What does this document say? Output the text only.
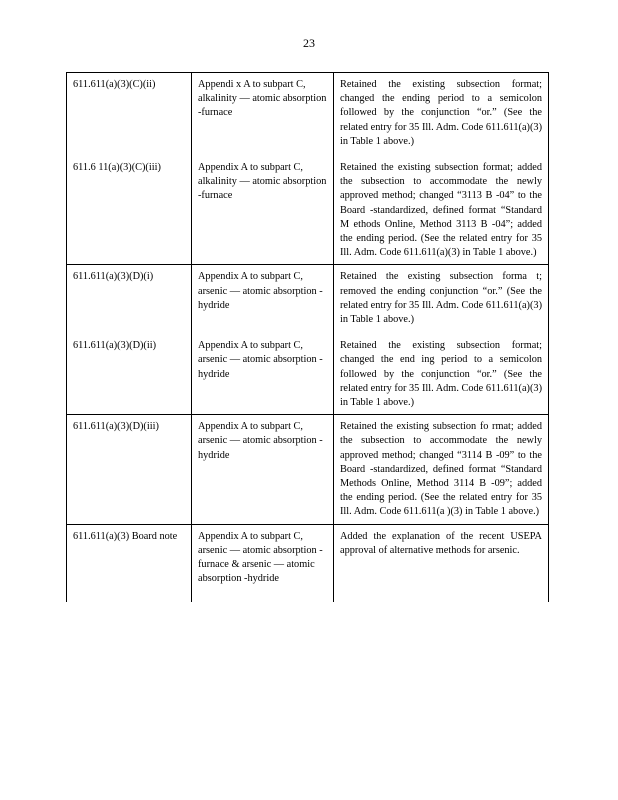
23
611.611(a)(3)(C)(ii)	Appendi x A to subpart C, alkalinity — atomic absorption -furnace	Retained the existing subsection format; changed the ending period to a semicolon followed by the conjunction “or.” (See the related entry for 35 Ill. Adm. Code 611.611(a)(3) in Table 1 above.)

611.6 11(a)(3)(C)(iii)	Appendix A to subpart C, alkalinity — atomic absorption -furnace	Retained the existing subsection format; added the subsection to accommodate the newly approved method; changed “3113 B -04” to the Board -standardized, defined format “Standard M ethods Online, Method 3113 B -04”; added the ending period. (See the related entry for 35 Ill. Adm. Code 611.611(a)(3) in Table 1 above.)

611.611(a)(3)(D)(i)	Appendix A to subpart C, arsenic — atomic absorption -hydride	Retained the existing subsection forma t; removed the ending conjunction “or.” (See the related entry for 35 Ill. Adm. Code 611.611(a)(3) in Table 1 above.)

611.611(a)(3)(D)(ii)	Appendix A to subpart C, arsenic — atomic absorption -hydride	Retained the existing subsection format; changed the end ing period to a semicolon followed by the conjunction “or.” (See the related entry for 35 Ill. Adm. Code 611.611(a)(3) in Table 1 above.)

611.611(a)(3)(D)(iii)	Appendix A to subpart C, arsenic — atomic absorption -hydride	Retained the existing subsection fo rmat; added the subsection to accommodate the newly approved method; changed “3114 B -09” to the Board -standardized, defined format “Standard Methods Online, Method 3114 B -09”; added the ending period. (See the related entry for 35 Ill. Adm. Code 611.611(a )(3) in Table 1 above.)

611.611(a)(3) Board note	Appendix A to subpart C, arsenic — atomic absorption -furnace & arsenic — atomic absorption -hydride	Added the explanation of the recent USEPA approval of alternative methods for arsenic.
